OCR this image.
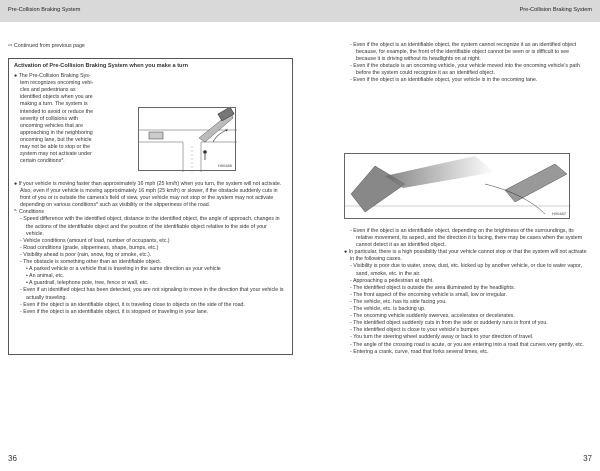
Pre-Collision Braking System	Pre-Collision Braking System
⇨ Continued from previous page
Activation of Pre-Collision Braking System when you make a turn

● The Pre-Collision Braking Sys-

tem recognizes oncoming vehi-

cles and pedestrians as

identified objects when you are

making a turn. The system is

intended to avoid or reduce the

severity of collisions with

oncoming vehicles that are

approaching in the neighboring

oncoming lane, but the vehicle

may not be able to stop or the

system may not activate under

certain conditions*.

H00486

● If your vehicle is moving faster than approximately 16 mph (25 km/h) when you turn, the system will not activate. Also, even if your vehicle is moving approximately 16 mph (25 km/h) or slower, if the obstacle suddenly cuts in front of you or is outside the camera's field of view, your vehicle may not stop or the system may not activate depending on various conditions* such as visibility or the slipperiness of the road.

*: Conditions

- Speed difference with the identified object, distance to the identified object, the angle of approach, changes in the actions of the identifiable object and the position of the identifiable object relative to the side of your vehicle.

- Vehicle conditions (amount of load, number of occupants, etc.)

- Road conditions (grade, slipperiness, shape, bumps, etc.)

- Visibility ahead is poor (rain, snow, fog or smoke, etc.).

- The obstacle is something other than an identifiable object.

• A parked vehicle or a vehicle that is traveling in the same direction as your vehicle

• An animal, etc.

• A guardrail, telephone pole, tree, fence or wall, etc.

- Even if an identified object has been detected, you are not signaling to move in the direction that your vehicle is actually traveling.

- Even if the object is an identifiable object, it is traveling close to objects on the side of the road.

- Even if the object is an identifiable object, it is stopped or traveling in your lane.

- Even if the object is an identifiable object, the system cannot recognize it as an identified object because, for example, the front of the identifiable object cannot be seen or is difficult to see because it is driving without its headlights on at night.

- Even if the obstacle is an oncoming vehicle, your vehicle moved into the oncoming vehicle's path before the system could recognize it as an identified object.

- Even if the object is an identifiable object, your vehicle is in the oncoming lane.

H00487

- Even if the object is an identifiable object, depending on the brightness of the surroundings, its relative movement, its aspect, and the direction it is facing, there may be cases when the system cannot detect it as an identified object.

● In particular, there is a high possibility that your vehicle cannot stop or that the system will not activate in the following cases.

- Visibility is poor due to water, snow, dust, etc. kicked up by another vehicle, or due to water vapor, sand, smoke, etc. in the air.

- Approaching a pedestrian at night.

- The identified object is outside the area illuminated by the headlights.

- The front aspect of the oncoming vehicle is small, low or irregular.

- The vehicle, etc. has its side facing you.

- The vehicle, etc. is backing up.

- The oncoming vehicle suddenly swerves, accelerates or decelerates.

- The identified object suddenly cuts in from the side or suddenly runs in front of you.

- The identified object is close to your vehicle's bumper.

- You turn the steering wheel suddenly away or back to your direction of travel.

- The angle of the crossing road is acute, or you are entering into a road that curves very gently, etc.

- Entering a crank, curve, road that forks several times, etc.

36	37
